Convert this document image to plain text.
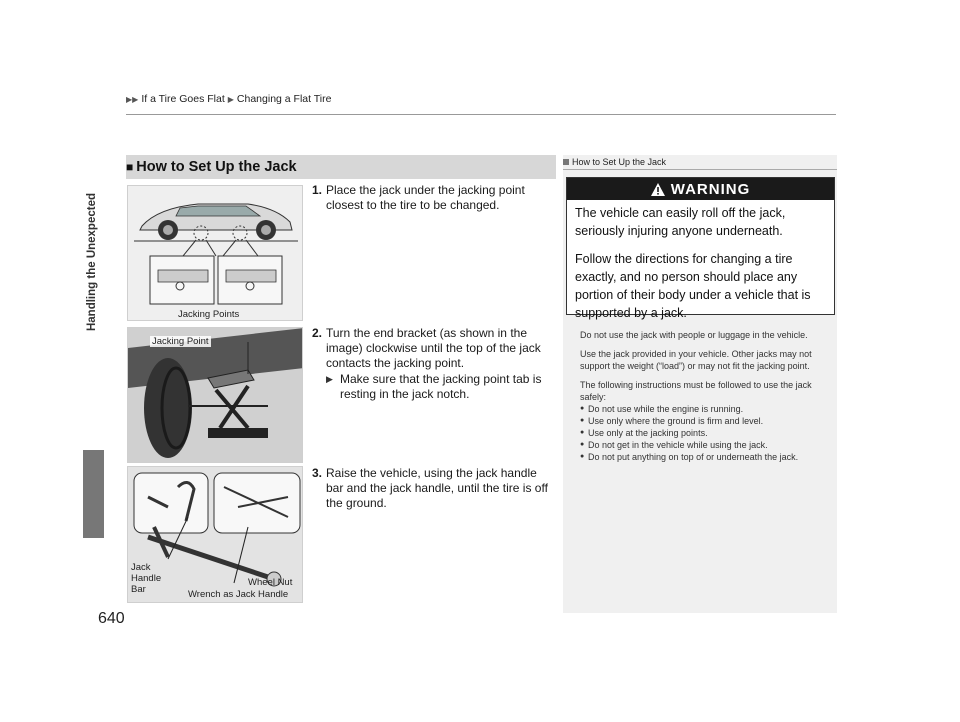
▶▶ If a Tire Goes Flat ▶ Changing a Flat Tire
Handling the Unexpected
■ How to Set Up the Jack
Jacking Points
Jacking Point
Jack
Handle
Bar
Wheel Nut
Wrench as Jack Handle
1. Place the jack under the jacking point closest to the tire to be changed.
2. Turn the end bracket (as shown in the image) clockwise until the top of the jack contacts the jacking point.
▶ Make sure that the jacking point tab is resting in the jack notch.
3. Raise the vehicle, using the jack handle bar and the jack handle, until the tire is off the ground.
How to Set Up the Jack
WARNING

The vehicle can easily roll off the jack, seriously injuring anyone underneath.

Follow the directions for changing a tire exactly, and no person should place any portion of their body under a vehicle that is supported by a jack.

Do not use the jack with people or luggage in the vehicle.

Use the jack provided in your vehicle. Other jacks may not support the weight (“load”) or may not fit the jacking point.

The following instructions must be followed to use the jack safely:

● Do not use while the engine is running.
● Use only where the ground is firm and level.
● Use only at the jacking points.
● Do not get in the vehicle while using the jack.
● Do not put anything on top of or underneath the jack.
640
